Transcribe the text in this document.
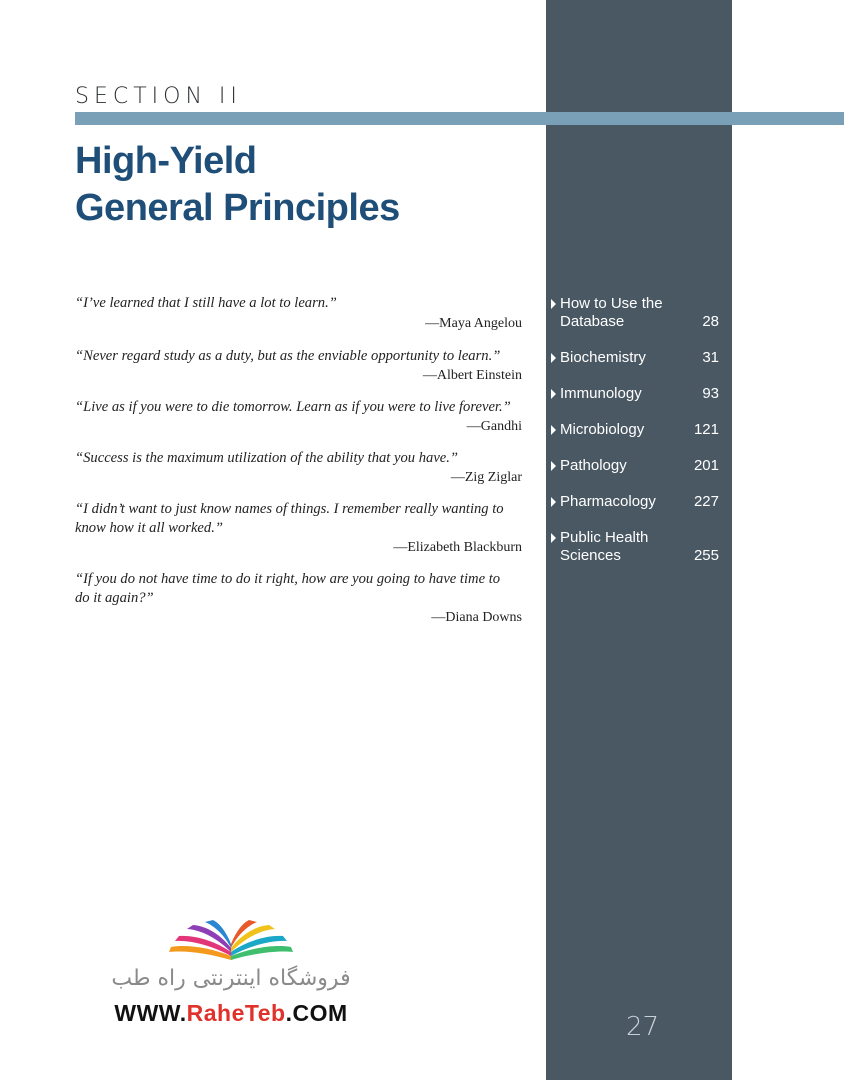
SECTION II
High-Yield
General Principles
“I’ve learned that I still have a lot to learn.”
—Maya Angelou
“Never regard study as a duty, but as the enviable opportunity to learn.”
—Albert Einstein
“Live as if you were to die tomorrow. Learn as if you were to live forever.”
—Gandhi
“Success is the maximum utilization of the ability that you have.”
—Zig Ziglar
“I didn’t want to just know names of things. I remember really wanting to know how it all worked.”
—Elizabeth Blackburn
“If you do not have time to do it right, how are you going to have time to do it again?”
—Diana Downs
How to Use the Database	28
Biochemistry	31
Immunology	93
Microbiology	121
Pathology	201
Pharmacology	227
Public Health Sciences	255
27
فروشگاه اینترنتی راه طب
WWW.RaheTeb.COM
